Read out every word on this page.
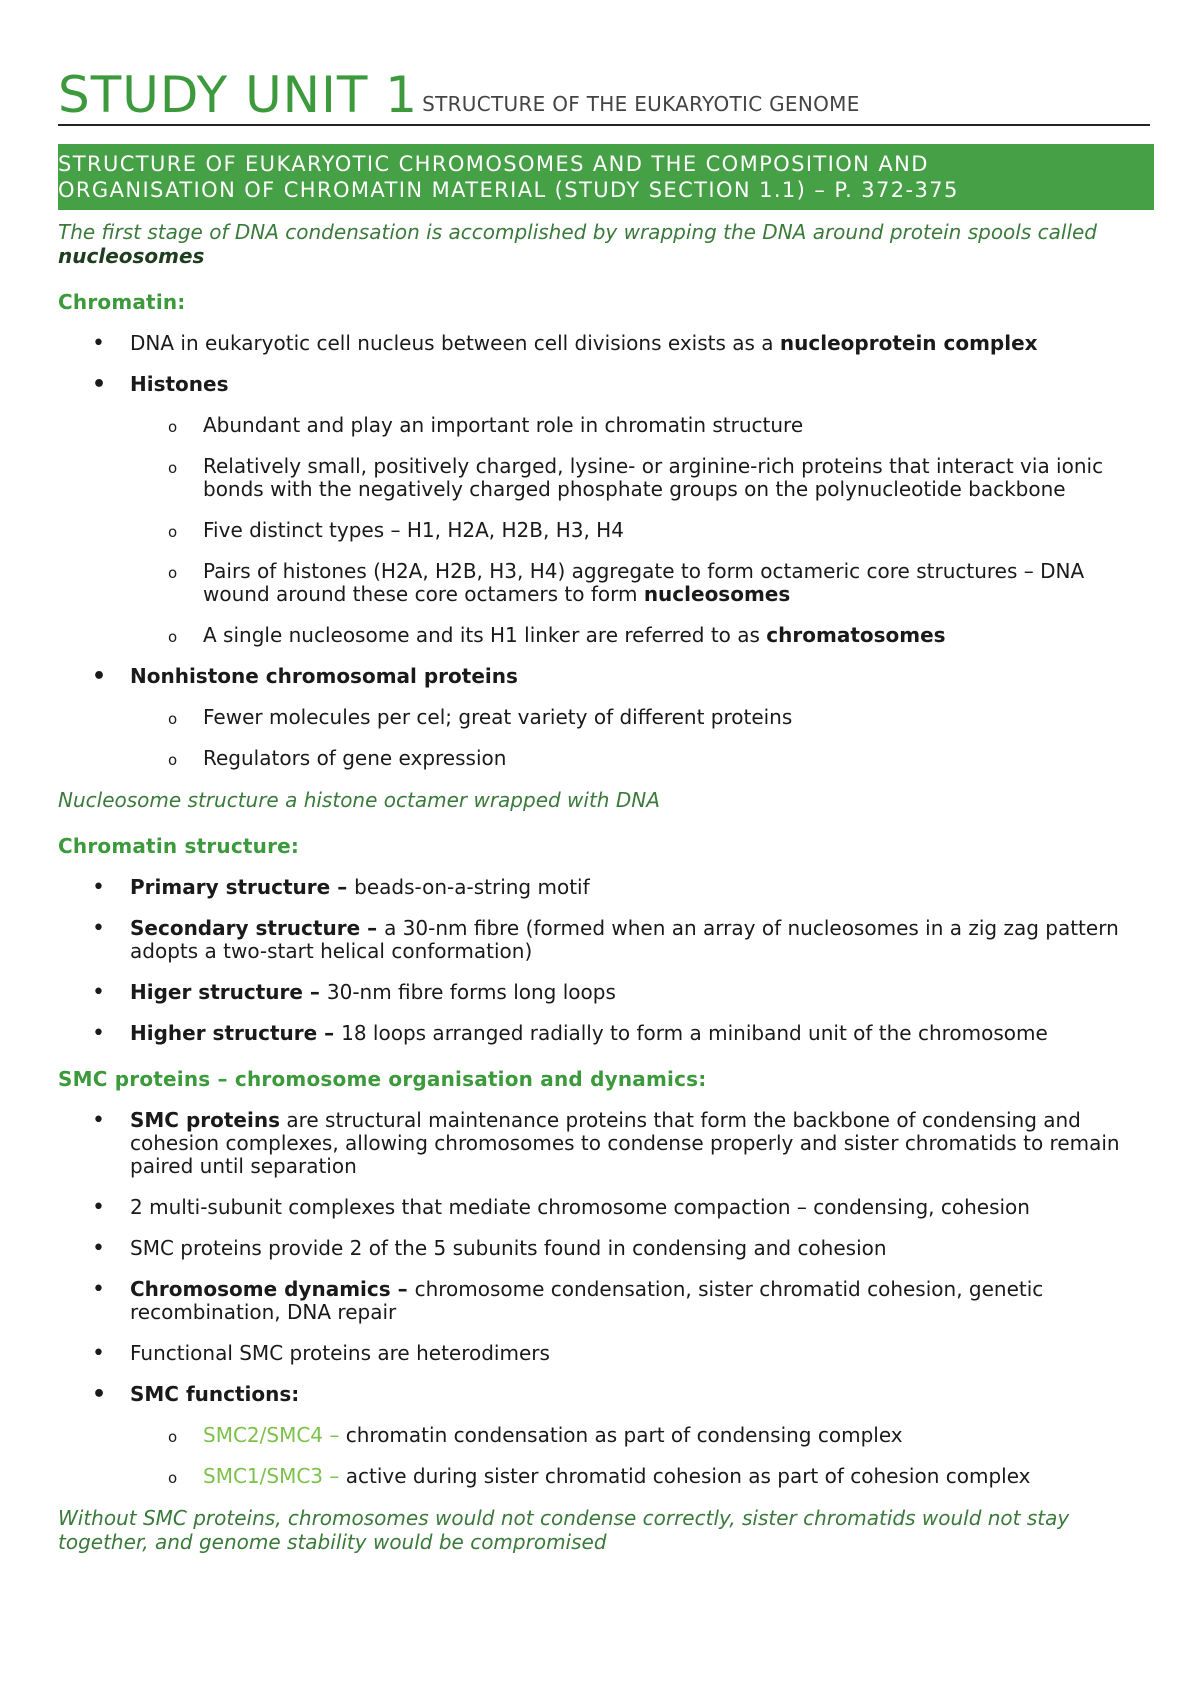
STUDY UNIT 1 STRUCTURE OF THE EUKARYOTIC GENOME
STRUCTURE OF EUKARYOTIC CHROMOSOMES AND THE COMPOSITION AND
ORGANISATION OF CHROMATIN MATERIAL (STUDY SECTION 1.1) – P. 372-375
The first stage of DNA condensation is accomplished by wrapping the DNA around protein spools called nucleosomes
Chromatin:
• DNA in eukaryotic cell nucleus between cell divisions exists as a nucleoprotein complex
• Histones
o Abundant and play an important role in chromatin structure
o Relatively small, positively charged, lysine- or arginine-rich proteins that interact via ionic bonds with the negatively charged phosphate groups on the polynucleotide backbone
o Five distinct types – H1, H2A, H2B, H3, H4
o Pairs of histones (H2A, H2B, H3, H4) aggregate to form octameric core structures – DNA wound around these core octamers to form nucleosomes
o A single nucleosome and its H1 linker are referred to as chromatosomes
• Nonhistone chromosomal proteins
o Fewer molecules per cel; great variety of different proteins
o Regulators of gene expression
Nucleosome structure a histone octamer wrapped with DNA
Chromatin structure:
• Primary structure – beads-on-a-string motif
• Secondary structure – a 30-nm fibre (formed when an array of nucleosomes in a zig zag pattern adopts a two-start helical conformation)
• Higer structure – 30-nm fibre forms long loops
• Higher structure – 18 loops arranged radially to form a miniband unit of the chromosome
SMC proteins – chromosome organisation and dynamics:
• SMC proteins are structural maintenance proteins that form the backbone of condensing and cohesion complexes, allowing chromosomes to condense properly and sister chromatids to remain paired until separation
• 2 multi-subunit complexes that mediate chromosome compaction – condensing, cohesion
• SMC proteins provide 2 of the 5 subunits found in condensing and cohesion
• Chromosome dynamics – chromosome condensation, sister chromatid cohesion, genetic recombination, DNA repair
• Functional SMC proteins are heterodimers
• SMC functions:
o SMC2/SMC4 – chromatin condensation as part of condensing complex
o SMC1/SMC3 – active during sister chromatid cohesion as part of cohesion complex
Without SMC proteins, chromosomes would not condense correctly, sister chromatids would not stay together, and genome stability would be compromised
